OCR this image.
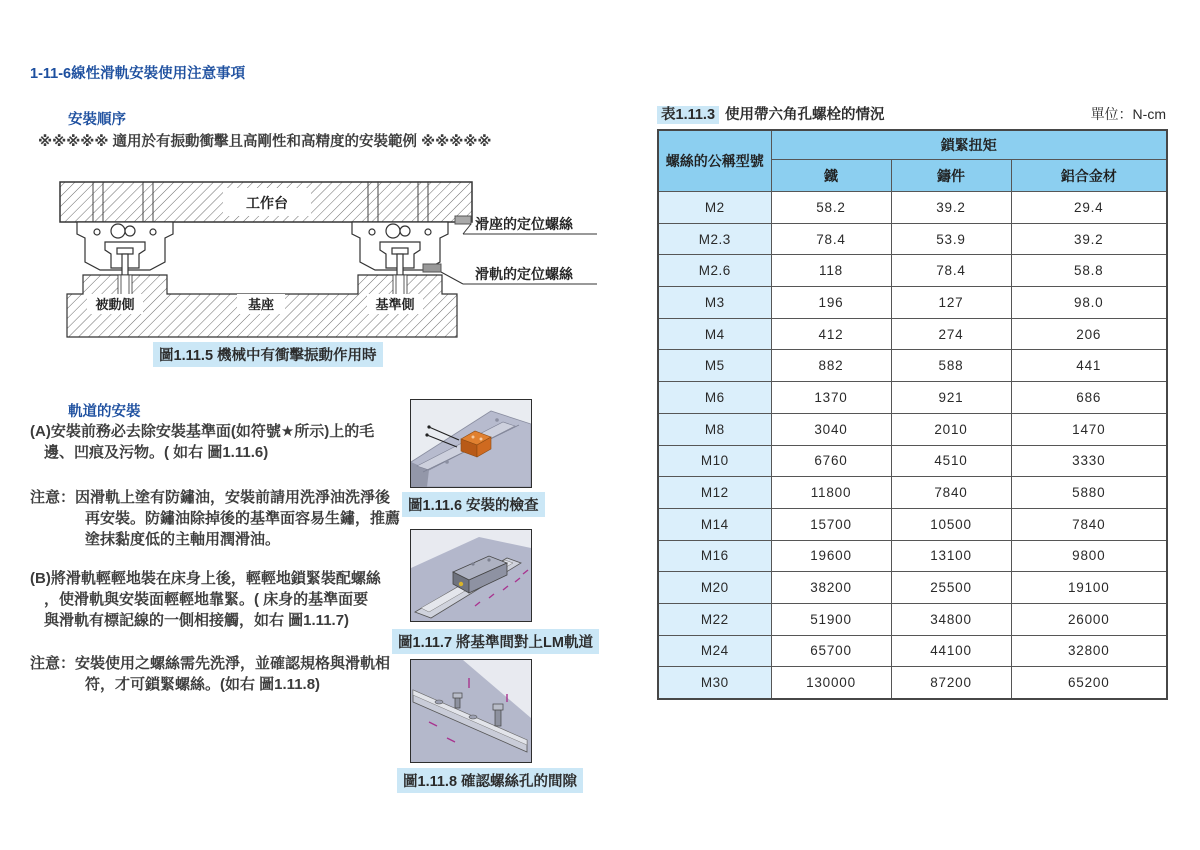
1-11-6線性滑軌安裝使用注意事項
安裝順序
※※※※※ 適用於有振動衝擊且高剛性和高精度的安裝範例 ※※※※※
工作台
被動側	基座	基準側
滑座的定位螺絲
滑軌的定位螺絲
圖1.11.5 機械中有衝擊振動作用時
軌道的安裝
(A)安裝前務必去除安裝基準面(如符號★所示)上的毛
邊、凹痕及污物。( 如右 圖1.11.6)
注意：因滑軌上塗有防鏽油，安裝前請用洗淨油洗淨後
再安裝。防鏽油除掉後的基準面容易生鏽，推薦
塗抹黏度低的主軸用潤滑油。
(B)將滑軌輕輕地裝在床身上後，輕輕地鎖緊裝配螺絲
，使滑軌與安裝面輕輕地靠緊。( 床身的基準面要
與滑軌有標記線的一側相接觸，如右 圖1.11.7)
注意：安裝使用之螺絲需先洗淨，並確認規格與滑軌相
符，才可鎖緊螺絲。(如右 圖1.11.8)
圖1.11.6 安裝的檢查
圖1.11.7 將基準間對上LM軌道
圖1.11.8 確認螺絲孔的間隙
表1.11.3 使用帶六角孔螺栓的情況	單位：N-cm
螺絲的公稱型號	鎖緊扭矩		
	鐵	鑄件	鋁合金材
M2	58.2	39.2	29.4
M2.3	78.4	53.9	39.2
M2.6	118	78.4	58.8
M3	196	127	98.0
M4	412	274	206
M5	882	588	441
M6	1370	921	686
M8	3040	2010	1470
M10	6760	4510	3330
M12	11800	7840	5880
M14	15700	10500	7840
M16	19600	13100	9800
M20	38200	25500	19100
M22	51900	34800	26000
M24	65700	44100	32800
M30	130000	87200	65200
